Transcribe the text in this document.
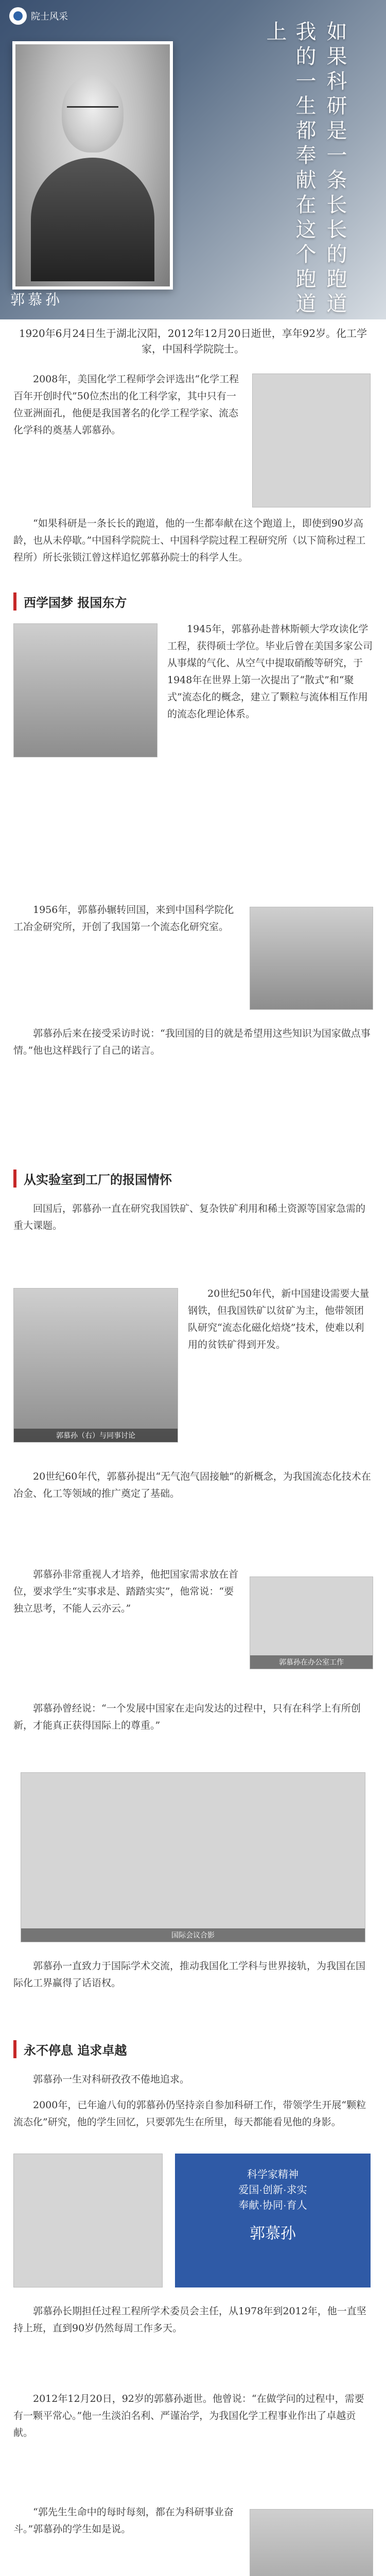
院士风采
我的一生都奉献在这个跑道上	如果科研是一条长长的跑道
郭慕孙
1920年6月24日生于湖北汉阳，2012年12月20日逝世，享年92岁。化工学家，中国科学院院士。
2008年，美国化学工程师学会评选出“化学工程百年开创时代”50位杰出的化工科学家，其中只有一位亚洲面孔，他便是我国著名的化学工程学家、流态化学科的奠基人郭慕孙。
“如果科研是一条长长的跑道，他的一生都奉献在这个跑道上，即使到90岁高龄，也从未停歇。”中国科学院院士、中国科学院过程工程研究所（以下简称过程工程所）所长张锁江曾这样追忆郭慕孙院士的科学人生。
西学国梦 报国东方
1945年，郭慕孙赴普林斯顿大学攻读化学工程，获得硕士学位。毕业后曾在美国多家公司从事煤的气化、从空气中提取硝酸等研究，于1948年在世界上第一次提出了“散式”和“聚式”流态化的概念，建立了颗粒与流体相互作用的流态化理论体系。
1956年，郭慕孙辗转回国，来到中国科学院化工冶金研究所，开创了我国第一个流态化研究室。
郭慕孙后来在接受采访时说：“我回国的目的就是希望用这些知识为国家做点事情。”他也这样践行了自己的诺言。
从实验室到工厂的报国情怀
回国后，郭慕孙一直在研究我国铁矿、复杂铁矿利用和稀土资源等国家急需的重大课题。
郭慕孙（右）与同事讨论
20世纪50年代，新中国建设需要大量钢铁，但我国铁矿以贫矿为主，他带领团队研究“流态化磁化焙烧”技术，使难以利用的贫铁矿得到开发。
20世纪60年代，郭慕孙提出“无气泡气固接触”的新概念，为我国流态化技术在冶金、化工等领域的推广奠定了基础。
郭慕孙非常重视人才培养，他把国家需求放在首位，要求学生“实事求是、踏踏实实”，他常说：“要独立思考，不能人云亦云。”
郭慕孙在办公室工作
郭慕孙曾经说：“一个发展中国家在走向发达的过程中，只有在科学上有所创新，才能真正获得国际上的尊重。”
国际会议合影
郭慕孙一直致力于国际学术交流，推动我国化工学科与世界接轨，为我国在国际化工界赢得了话语权。
永不停息 追求卓越
郭慕孙一生对科研孜孜不倦地追求。
2000年，已年逾八旬的郭慕孙仍坚持亲自参加科研工作，带领学生开展“颗粒流态化”研究，他的学生回忆，只要郭先生在所里，每天都能看见他的身影。
科学家精神
爱国·创新·求实
奉献·协同·育人
郭慕孙
郭慕孙长期担任过程工程所学术委员会主任，从1978年到2012年，他一直坚持上班，直到90岁仍然每周工作多天。
2012年12月20日，92岁的郭慕孙逝世。他曾说：“在做学问的过程中，需要有一颗平常心。”他一生淡泊名利、严谨治学，为我国化学工程事业作出了卓越贡献。
“郭先生生命中的每时每刻，都在为科研事业奋斗。”郭慕孙的学生如是说。
